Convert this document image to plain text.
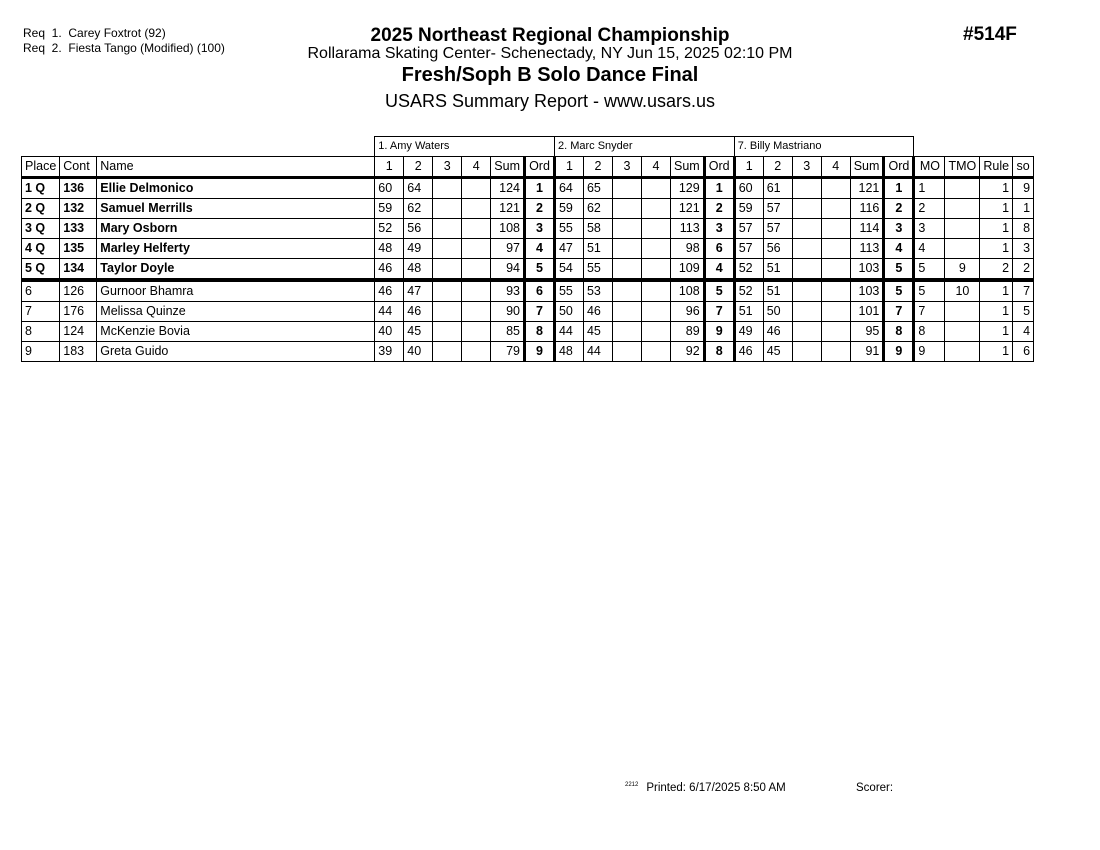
Req  1.  Carey Foxtrot (92)
Req  2.  Fiesta Tango (Modified) (100)
#514F
2025 Northeast Regional Championship
Rollarama Skating Center- Schenectady, NY Jun 15, 2025 02:10 PM
Fresh/Soph B Solo Dance Final
USARS Summary Report - www.usars.us
			1. Amy Waters						2. Marc Snyder						7. Billy Mastriano									
Place	Cont	Name	1	2	3	4	Sum	Ord	1	2	3	4	Sum	Ord	1	2	3	4	Sum	Ord	MO	TMO	Rule	so
1 Q	136	Ellie Delmonico	60	64			124	1	64	65			129	1	60	61			121	1	1		1	9
2 Q	132	Samuel Merrills	59	62			121	2	59	62			121	2	59	57			116	2	2		1	1
3 Q	133	Mary Osborn	52	56			108	3	55	58			113	3	57	57			114	3	3		1	8
4 Q	135	Marley Helferty	48	49			97	4	47	51			98	6	57	56			113	4	4		1	3
5 Q	134	Taylor Doyle	46	48			94	5	54	55			109	4	52	51			103	5	5	9	2	2
6	126	Gurnoor Bhamra	46	47			93	6	55	53			108	5	52	51			103	5	5	10	1	7
7	176	Melissa Quinze	44	46			90	7	50	46			96	7	51	50			101	7	7		1	5
8	124	McKenzie Bovia	40	45			85	8	44	45			89	9	49	46			95	8	8		1	4
9	183	Greta Guido	39	40			79	9	48	44			92	8	46	45			91	9	9		1	6
$^{2212}$ Printed: 6/17/2025 8:50 AM	Scorer:
